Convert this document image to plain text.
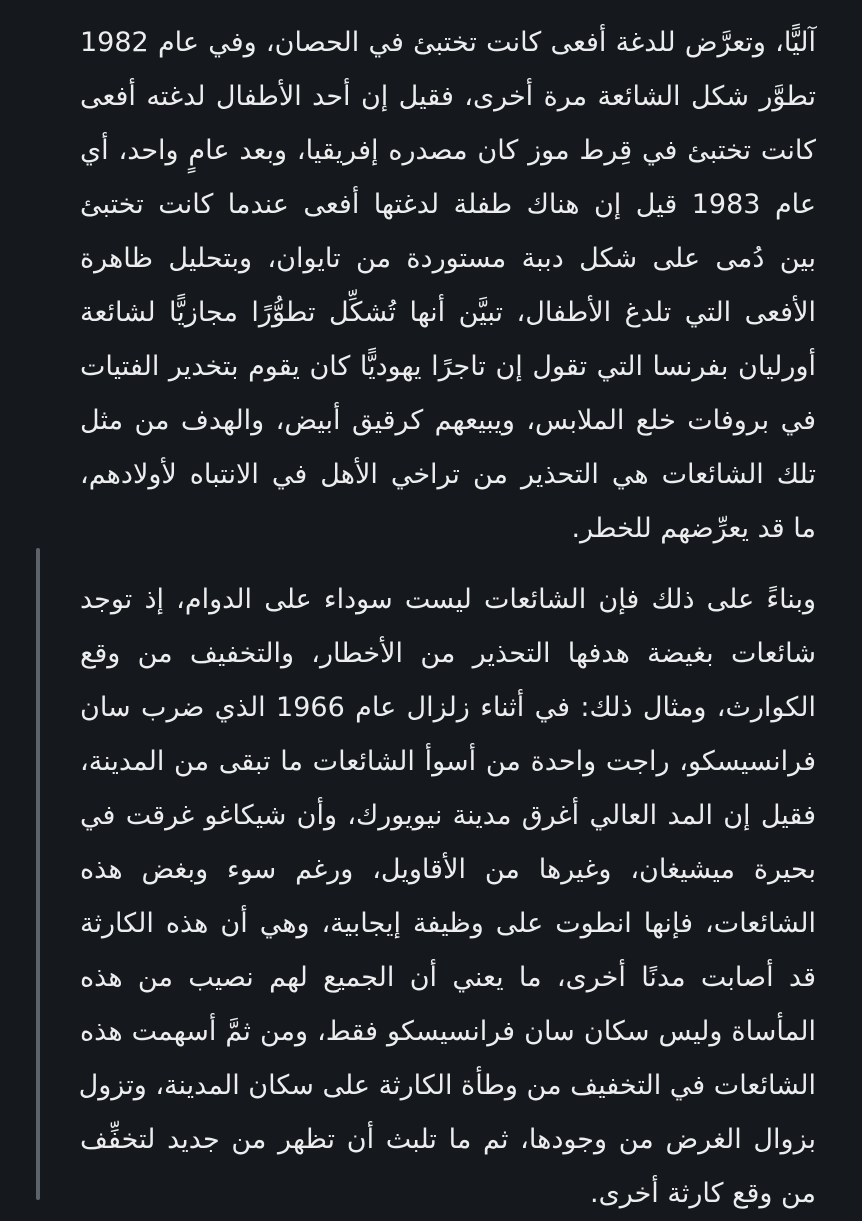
آليًّا، وتعرَّض للدغة أفعى كانت تختبئ في الحصان، وفي عام 1982
تطوَّر شكل الشائعة مرة أخرى، فقيل إن أحد الأطفال لدغته أفعى
كانت تختبئ في قِرط موز كان مصدره إفريقيا، وبعد عامٍ واحد، أي
عام 1983 قيل إن هناك طفلة لدغتها أفعى عندما كانت تختبئ
بين دُمى على شكل دببة مستوردة من تايوان، وبتحليل ظاهرة
الأفعى التي تلدغ الأطفال، تبيَّن أنها تُشكِّل تطوُّرًا مجازيًّا لشائعة
أورليان بفرنسا التي تقول إن تاجرًا يهوديًّا كان يقوم بتخدير الفتيات
في بروفات خلع الملابس، ويبيعهم كرقيق أبيض، والهدف من مثل
تلك الشائعات هي التحذير من تراخي الأهل في الانتباه لأولادهم،
ما قد يعرِّضهم للخطر.
وبناءً على ذلك فإن الشائعات ليست سوداء على الدوام، إذ توجد
شائعات بغيضة هدفها التحذير من الأخطار، والتخفيف من وقع
الكوارث، ومثال ذلك: في أثناء زلزال عام 1966 الذي ضرب سان
فرانسيسكو، راجت واحدة من أسوأ الشائعات ما تبقى من المدينة،
فقيل إن المد العالي أغرق مدينة نيويورك، وأن شيكاغو غرقت في
بحيرة ميشيغان، وغيرها من الأقاويل، ورغم سوء وبغض هذه
الشائعات، فإنها انطوت على وظيفة إيجابية، وهي أن هذه الكارثة
قد أصابت مدنًا أخرى، ما يعني أن الجميع لهم نصيب من هذه
المأساة وليس سكان سان فرانسيسكو فقط، ومن ثمَّ أسهمت هذه
الشائعات في التخفيف من وطأة الكارثة على سكان المدينة، وتزول
بزوال الغرض من وجودها، ثم ما تلبث أن تظهر من جديد لتخفِّف
من وقع كارثة أخرى.
